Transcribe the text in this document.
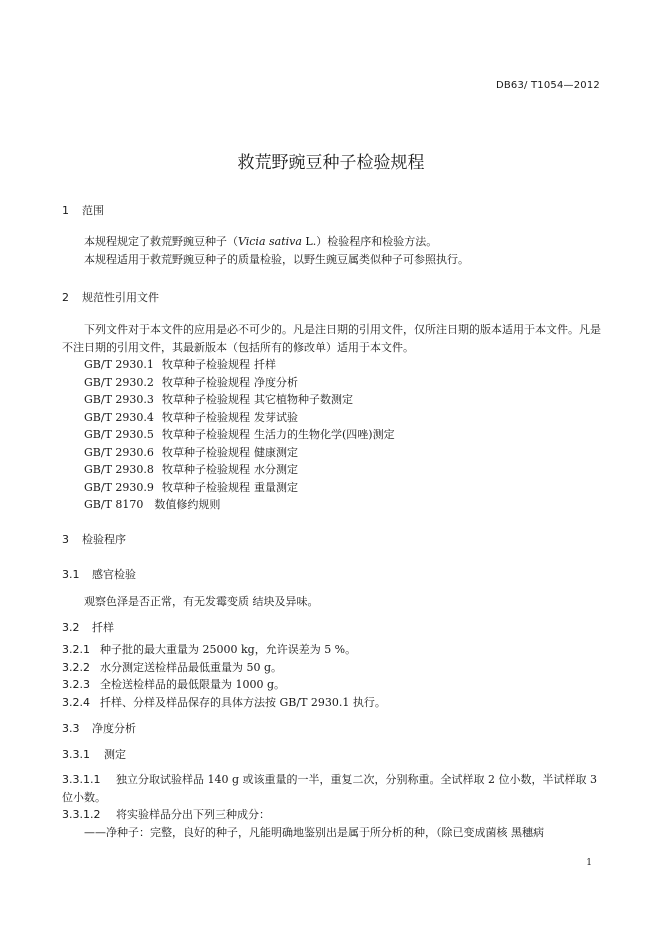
DB63/ T1054—2012
救荒野豌豆种子检验规程
1 范围
本规程规定了救荒野豌豆种子（Vicia sativa L.）检验程序和检验方法。
本规程适用于救荒野豌豆种子的质量检验，以野生豌豆属类似种子可参照执行。
2 规范性引用文件
下列文件对于本文件的应用是必不可少的。凡是注日期的引用文件，仅所注日期的版本适用于本文件。凡是不注日期的引用文件，其最新版本（包括所有的修改单）适用于本文件。
GB/T 2930.1 牧草种子检验规程 扦样
GB/T 2930.2 牧草种子检验规程 净度分析
GB/T 2930.3 牧草种子检验规程 其它植物种子数测定
GB/T 2930.4 牧草种子检验规程 发芽试验
GB/T 2930.5 牧草种子检验规程 生活力的生物化学(四唑)测定
GB/T 2930.6 牧草种子检验规程 健康测定
GB/T 2930.8 牧草种子检验规程 水分测定
GB/T 2930.9 牧草种子检验规程 重量测定
GB/T 8170　数值修约规则
3 检验程序
3.1 感官检验
观察色泽是否正常，有无发霉变质 结块及异味。
3.2 扦样
3.2.1 种子批的最大重量为 25000 kg，允许误差为 5 %。
3.2.2 水分测定送检样品最低重量为 50 g。
3.2.3 全检送检样品的最低限量为 1000 g。
3.2.4 扦样、分样及样品保存的具体方法按 GB/T 2930.1 执行。
3.3 净度分析
3.3.1 测定
3.3.1.1 独立分取试验样品 140 g 或该重量的一半，重复二次，分别称重。全试样取 2 位小数，半试样取 3 位小数。
3.3.1.2 将实验样品分出下列三种成分：
——净种子：完整，良好的种子，凡能明确地鉴别出是属于所分析的种，（除已变成菌核 黑穗病
1
